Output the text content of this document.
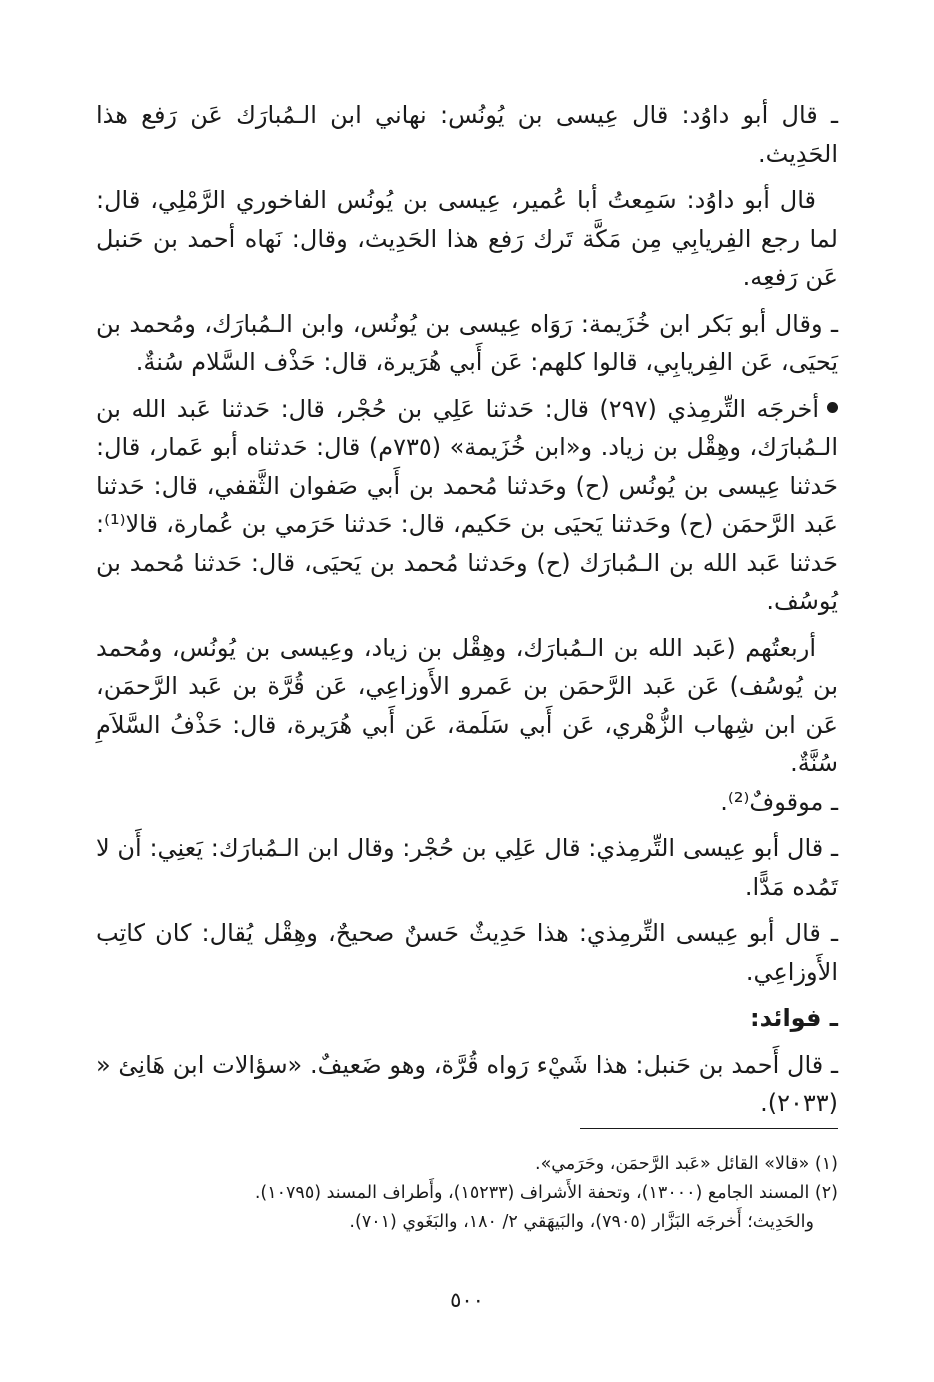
ـ قال أبو داوُد: قال عِيسى بن يُونُس: نهاني ابن الـمُبارَك عَن رَفع هذا الحَدِيث.

قال أبو داوُد: سَمِعتُ أبا عُمير، عِيسى بن يُونُس الفاخوري الرَّمْلِي، قال: لما رجع الفِريابِي مِن مَكَّة تَرك رَفع هذا الحَدِيث، وقال: نَهاه أحمد بن حَنبل عَن رَفعِه.

ـ وقال أبو بَكر ابن خُزَيمة: رَوَاه عِيسى بن يُونُس، وابن الـمُبارَك، ومُحمد بن يَحيَى، عَن الفِريابِي، قالوا كلهم: عَن أَبي هُرَيرة، قال: حَذْف السَّلام سُنةٌ.

أخرجَه التِّرمِذي (٢٩٧) قال: حَدثنا عَلِي بن حُجْر، قال: حَدثنا عَبد الله بن الـمُبارَك، وهِقْل بن زياد. و«ابن خُزَيمة» (٧٣٥م) قال: حَدثناه أبو عَمار، قال: حَدثنا عِيسى بن يُونُس (ح) وحَدثنا مُحمد بن أَبي صَفوان الثَّقفي، قال: حَدثنا عَبد الرَّحمَن (ح) وحَدثنا يَحيَى بن حَكيم، قال: حَدثنا حَرَمي بن عُمارة، قالا⁽¹⁾: حَدثنا عَبد الله بن الـمُبارَك (ح) وحَدثنا مُحمد بن يَحيَى، قال: حَدثنا مُحمد بن يُوسُف.

أربعتُهم (عَبد الله بن الـمُبارَك، وهِقْل بن زياد، وعِيسى بن يُونُس، ومُحمد بن يُوسُف) عَن عَبد الرَّحمَن بن عَمرو الأَوزاعِي، عَن قُرَّة بن عَبد الرَّحمَن، عَن ابن شِهاب الزُّهْري، عَن أَبي سَلَمة، عَن أَبي هُرَيرة، قال: حَذْفُ السَّلاَمِ سُنَّةٌ.

ـ موقوفٌ⁽²⁾.

ـ قال أبو عِيسى التِّرمِذي: قال عَلِي بن حُجْر: وقال ابن الـمُبارَك: يَعنِي: أَن لا تَمُده مَدًّا.

ـ قال أبو عِيسى التِّرمِذي: هذا حَدِيثٌ حَسنٌ صحيحٌ، وهِقْل يُقال: كان كاتِب الأَوزاعِي.

ـ فوائد:

ـ قال أَحمد بن حَنبل: هذا شَيْء رَواه قُرَّة، وهو ضَعيفٌ. «سؤالات ابن هَانِئ « (٢٠٣٣).

(١) «قالا» القائل «عَبد الرَّحمَن، وحَرَمي».

(٢) المسند الجامع (١٣٠٠٠)، وتحفة الأَشراف (١٥٢٣٣)، وأَطراف المسند (١٠٧٩٥).

والحَدِيث؛ أَخرجَه البَزَّار (٧٩٠٥)، والبَيهَقي ٢/ ١٨٠، والبَغَوي (٧٠١).

٥٠٠
